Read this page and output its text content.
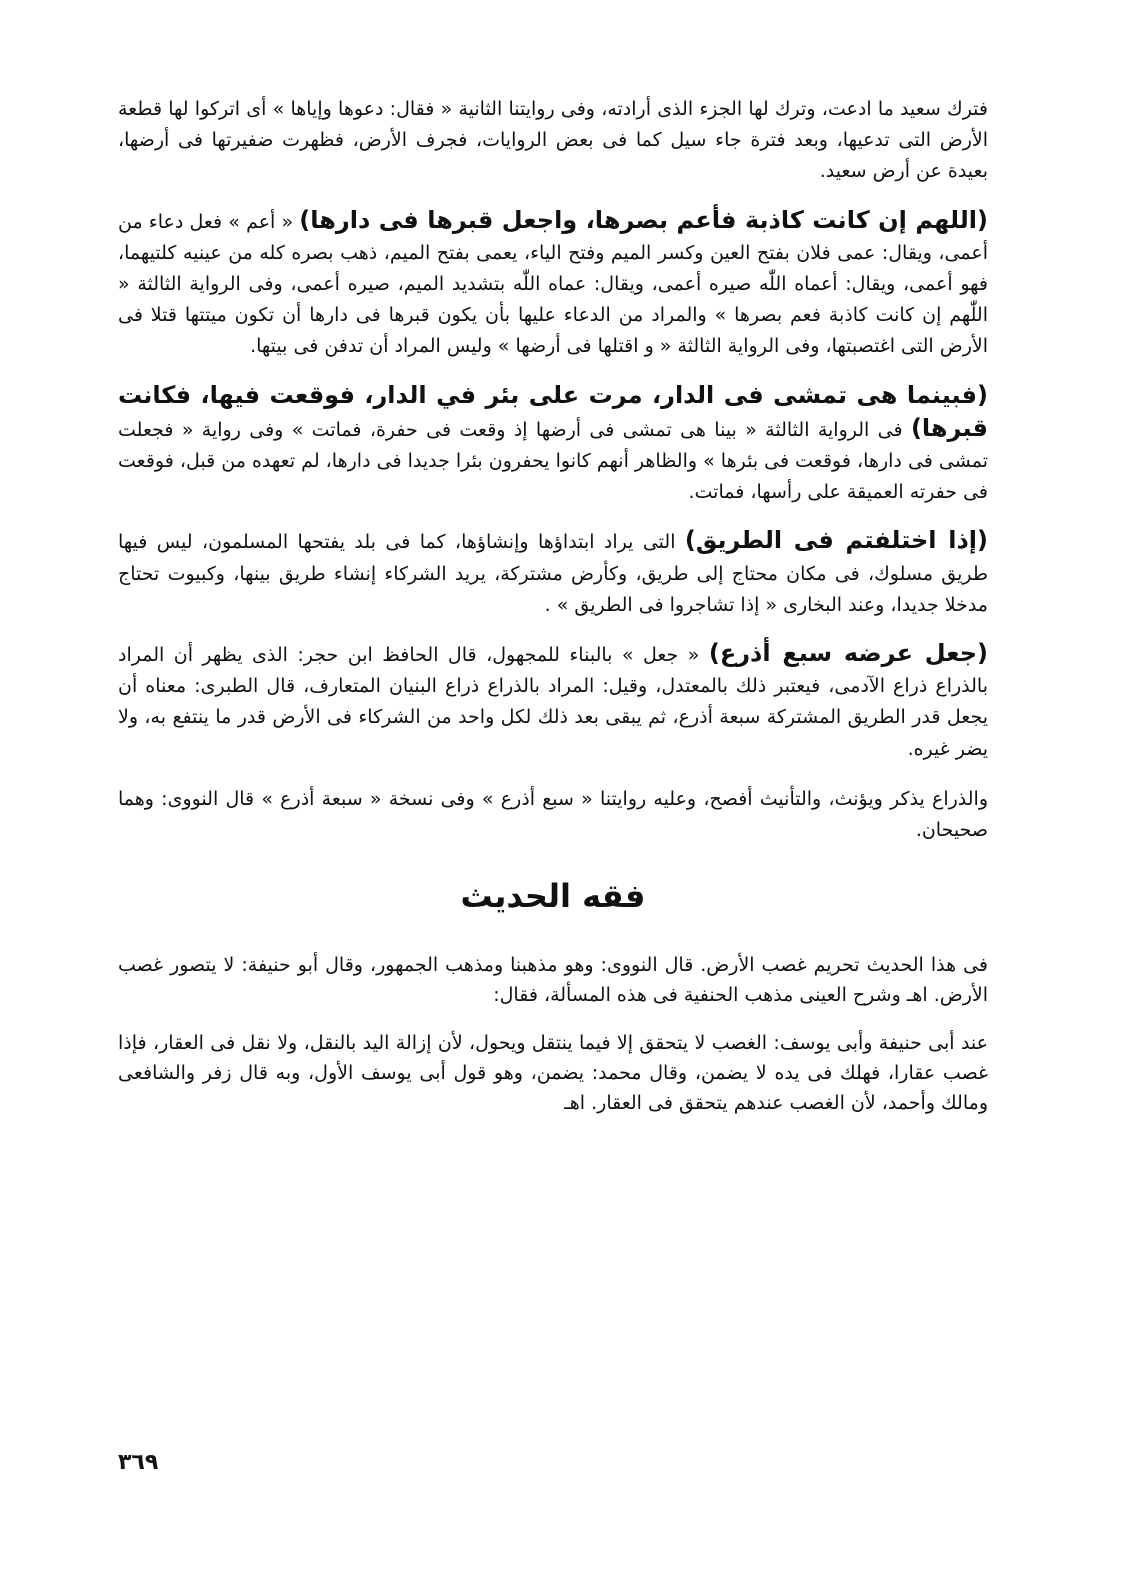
فترك سعيد ما ادعت، وترك لها الجزء الذى أرادته، وفى روايتنا الثانية « فقال: دعوها وإياها » أى اتركوا لها قطعة الأرض التى تدعيها، وبعد فترة جاء سيل كما فى بعض الروايات، فجرف الأرض، فظهرت ضفيرتها فى أرضها، بعيدة عن أرض سعيد.

(اللهم إن كانت كاذبة فأعم بصرها، واجعل قبرها فى دارها) « أعم » فعل دعاء من أعمى، ويقال: عمى فلان بفتح العين وكسر الميم وفتح الياء، يعمى بفتح الميم، ذهب بصره كله من عينيه كلتيهما، فهو أعمى، ويقال: أعماه اللّٰه صيره أعمى، ويقال: عماه اللّٰه بتشديد الميم، صيره أعمى، وفى الرواية الثالثة « اللّٰهم إن كانت كاذبة فعم بصرها » والمراد من الدعاء عليها بأن يكون قبرها فى دارها أن تكون ميتتها قتلا فى الأرض التى اغتصبتها، وفى الرواية الثالثة « و اقتلها فى أرضها » وليس المراد أن تدفن فى بيتها.

(فبينما هى تمشى فى الدار، مرت على بئر في الدار، فوقعت فيها، فكانت قبرها) فى الرواية الثالثة « بينا هى تمشى فى أرضها إذ وقعت فى حفرة، فماتت » وفى رواية « فجعلت تمشى فى دارها، فوقعت فى بئرها » والظاهر أنهم كانوا يحفرون بئرا جديدا فى دارها، لم تعهده من قبل، فوقعت فى حفرته العميقة على رأسها، فماتت.

(إذا اختلفتم فى الطريق) التى يراد ابتداؤها وإنشاؤها، كما فى بلد يفتحها المسلمون، ليس فيها طريق مسلوك، فى مكان محتاج إلى طريق، وكأرض مشتركة، يريد الشركاء إنشاء طريق بينها، وكبيوت تحتاج مدخلا جديدا، وعند البخارى « إذا تشاجروا فى الطريق » .

(جعل عرضه سبع أذرع) « جعل » بالبناء للمجهول، قال الحافظ ابن حجر: الذى يظهر أن المراد بالذراع ذراع الآدمى، فيعتبر ذلك بالمعتدل، وقيل: المراد بالذراع ذراع البنيان المتعارف، قال الطبرى: معناه أن يجعل قدر الطريق المشتركة سبعة أذرع، ثم يبقى بعد ذلك لكل واحد من الشركاء فى الأرض قدر ما ينتفع به، ولا يضر غيره.

والذراع يذكر ويؤنث، والتأنيث أفصح، وعليه روايتنا « سبع أذرع » وفى نسخة « سبعة أذرع » قال النووى: وهما صحيحان.

فقه الحديث

فى هذا الحديث تحريم غصب الأرض. قال النووى: وهو مذهبنا ومذهب الجمهور، وقال أبو حنيفة: لا يتصور غصب الأرض. اهـ وشرح العينى مذهب الحنفية فى هذه المسألة، فقال:

عند أبى حنيفة وأبى يوسف: الغصب لا يتحقق إلا فيما ينتقل ويحول، لأن إزالة اليد بالنقل، ولا نقل فى العقار، فإذا غصب عقارا، فهلك فى يده لا يضمن، وقال محمد: يضمن، وهو قول أبى يوسف الأول، وبه قال زفر والشافعى ومالك وأحمد، لأن الغصب عندهم يتحقق فى العقار. اهـ

٣٦٩
